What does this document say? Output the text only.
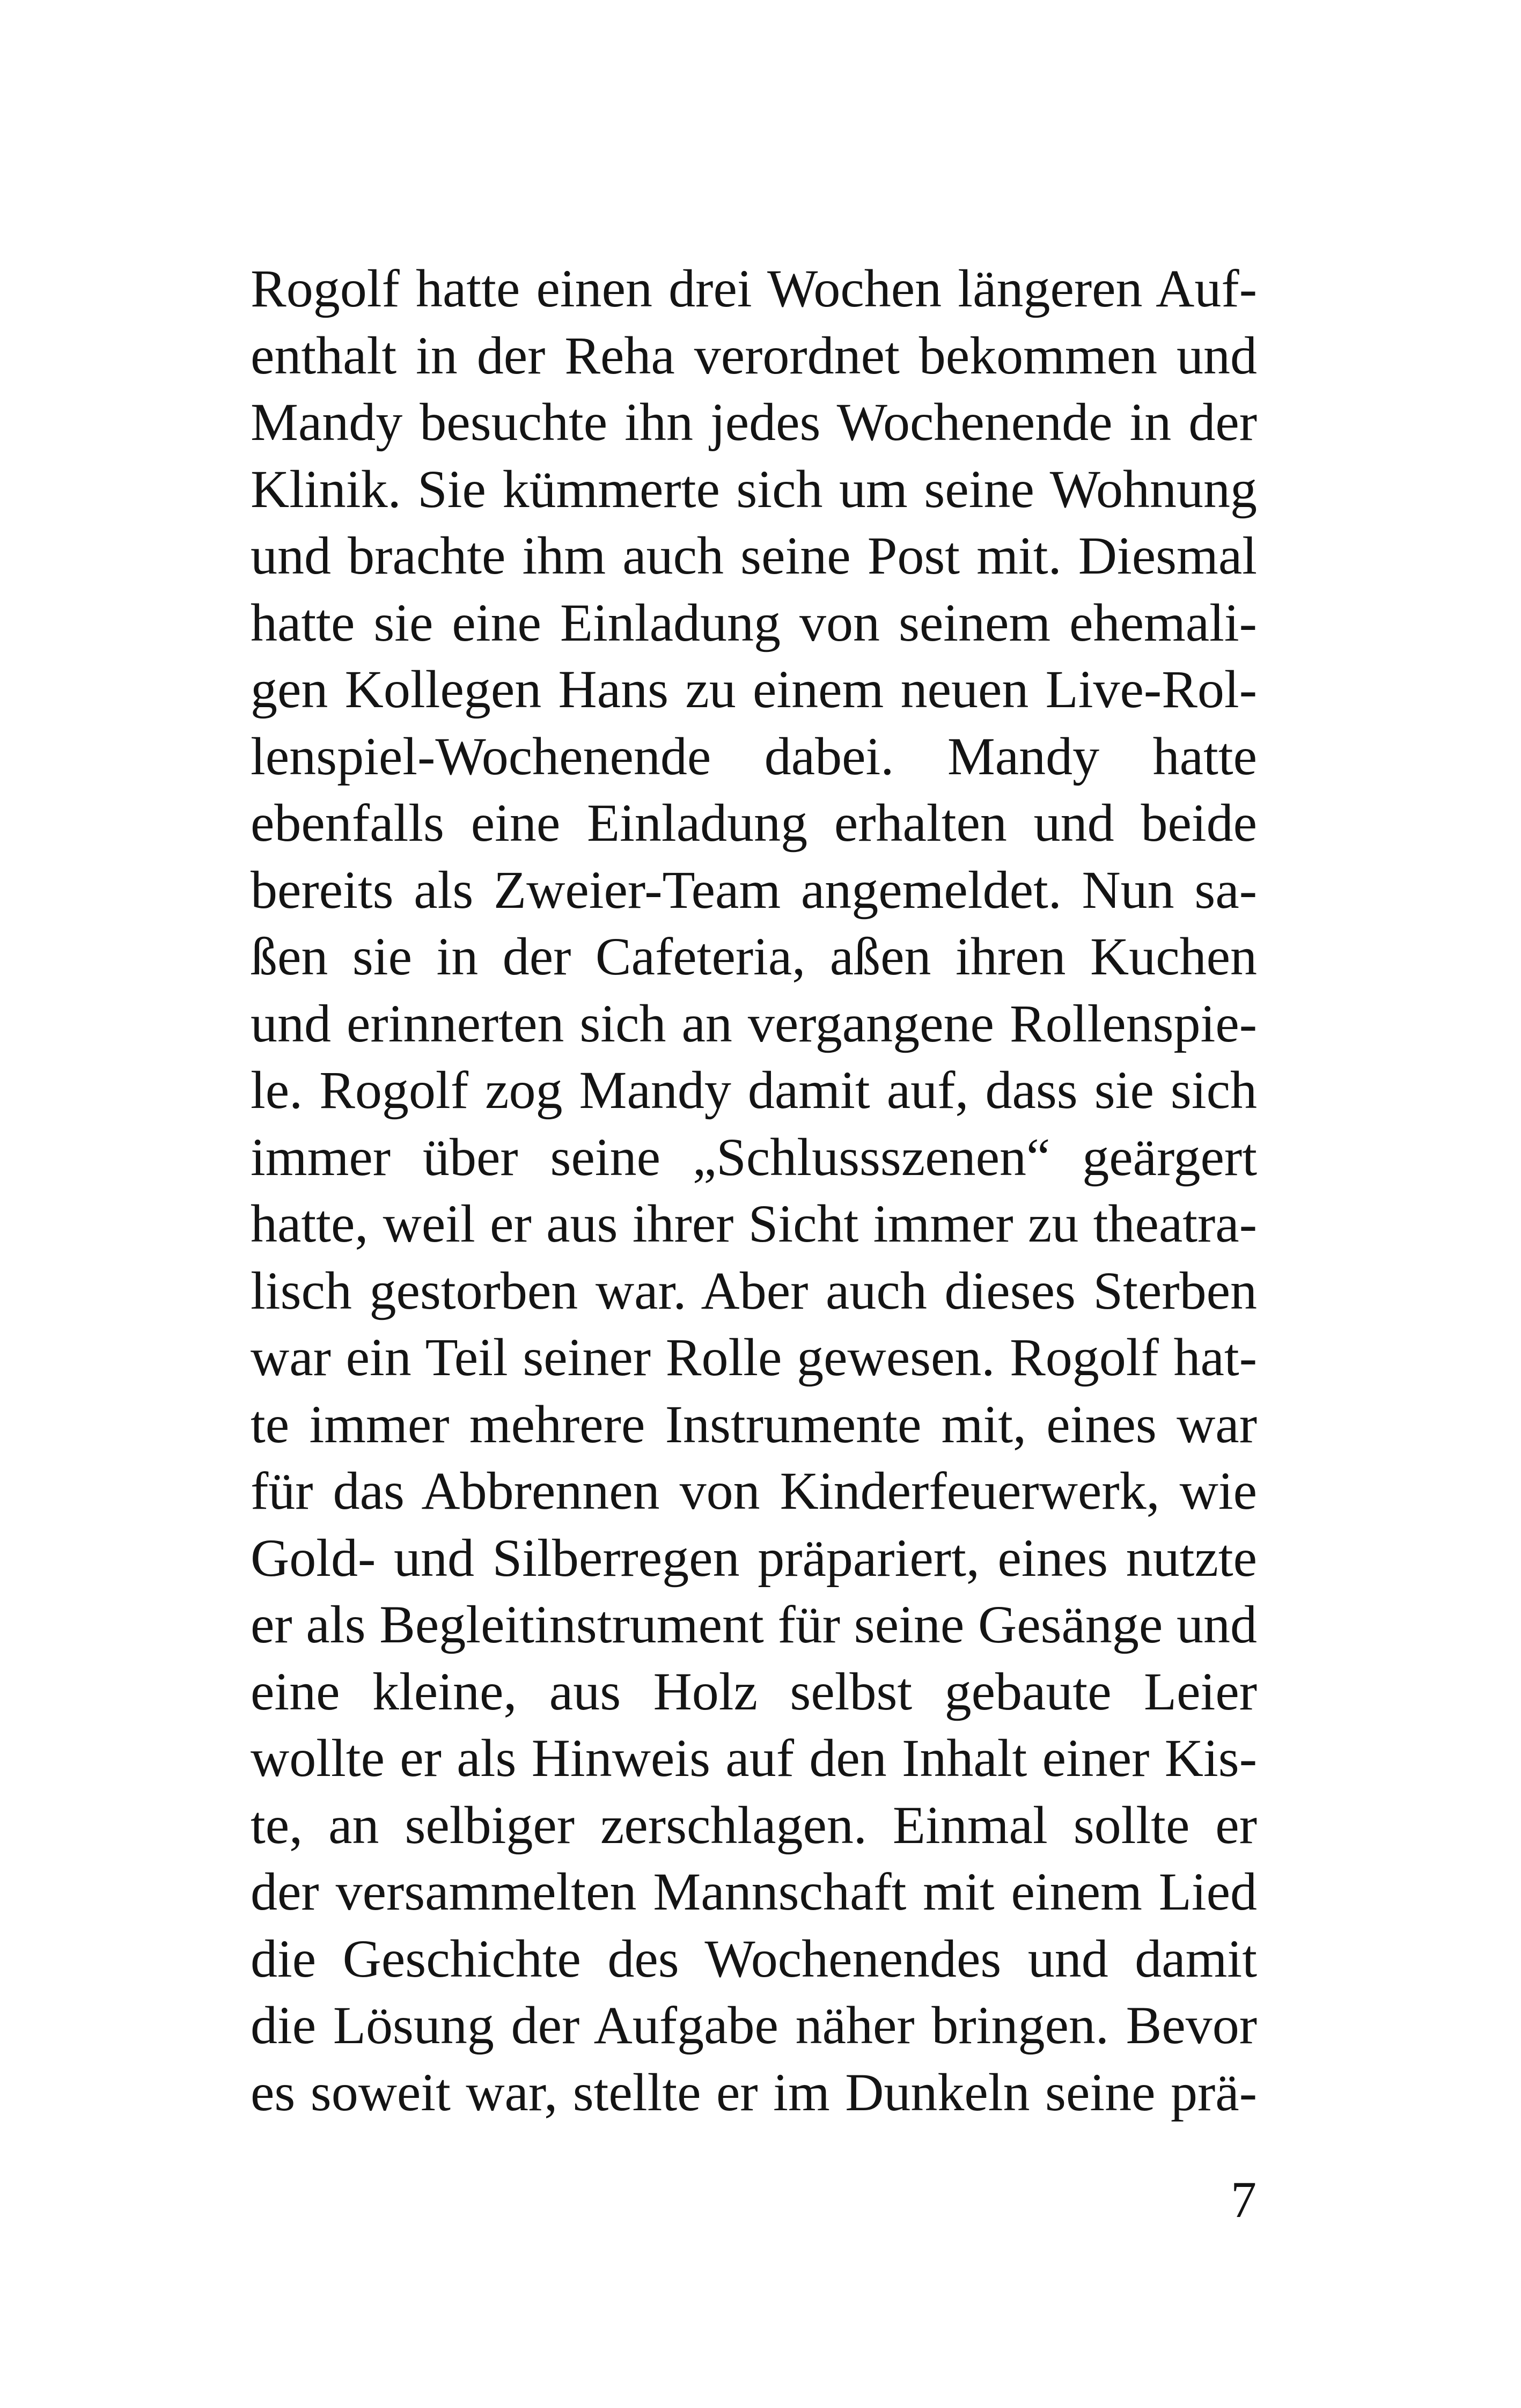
Rogolf hatte einen drei Wochen längeren Auf-
enthalt in der Reha verordnet bekommen und
Mandy besuchte ihn jedes Wochenende in der
Klinik. Sie kümmerte sich um seine Wohnung
und brachte ihm auch seine Post mit. Diesmal
hatte sie eine Einladung von seinem ehemali-
gen Kollegen Hans zu einem neuen Live-Rol-
lenspiel-Wochenende dabei. Mandy hatte
ebenfalls eine Einladung erhalten und beide
bereits als Zweier-Team angemeldet. Nun sa-
ßen sie in der Cafeteria, aßen ihren Kuchen
und erinnerten sich an vergangene Rollenspie-
le. Rogolf zog Mandy damit auf, dass sie sich
immer über seine „Schlussszenen“ geärgert
hatte, weil er aus ihrer Sicht immer zu theatra-
lisch gestorben war. Aber auch dieses Sterben
war ein Teil seiner Rolle gewesen. Rogolf hat-
te immer mehrere Instrumente mit, eines war
für das Abbrennen von Kinderfeuerwerk, wie
Gold- und Silberregen präpariert, eines nutzte
er als Begleitinstrument für seine Gesänge und
eine kleine, aus Holz selbst gebaute Leier
wollte er als Hinweis auf den Inhalt einer Kis-
te, an selbiger zerschlagen. Einmal sollte er
der versammelten Mannschaft mit einem Lied
die Geschichte des Wochenendes und damit
die Lösung der Aufgabe näher bringen. Bevor
es soweit war, stellte er im Dunkeln seine prä-
7
